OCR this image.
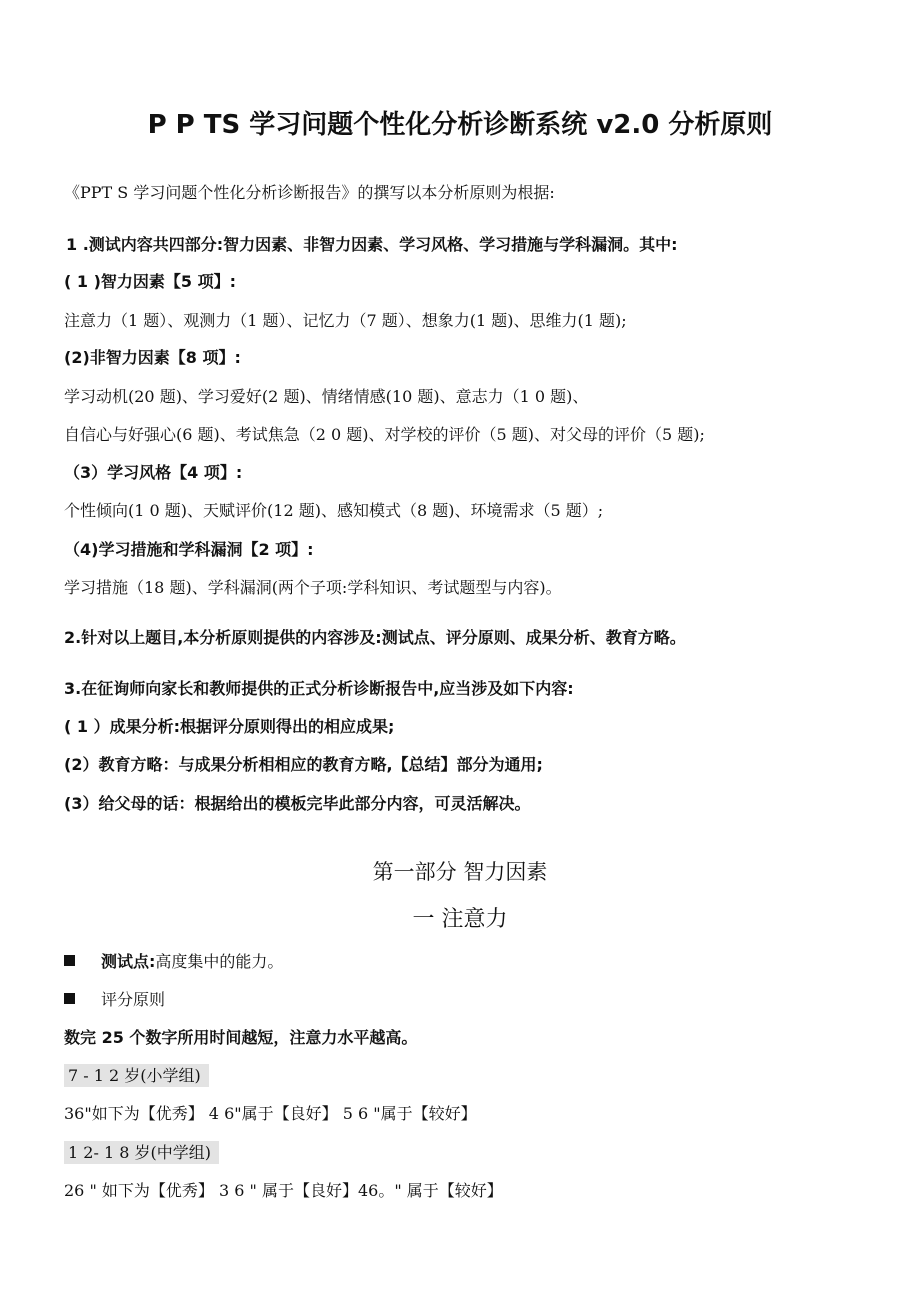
P P TS 学习问题个性化分析诊断系统 v2.0 分析原则
《PPT S 学习问题个性化分析诊断报告》的撰写以本分析原则为根据:
1 .测试内容共四部分:智力因素、非智力因素、学习风格、学习措施与学科漏洞。其中:
( 1 )智力因素【5 项】:
注意力（1 题）、观测力（1 题）、记忆力（7 题）、想象力(1 题)、思维力(1 题);
(2)非智力因素【8 项】:
学习动机(20 题)、学习爱好(2 题)、情绪情感(10 题)、意志力（1 0 题)、
自信心与好强心(6 题)、考试焦急（2 0 题)、对学校的评价（5 题)、对父母的评价（5 题);
（3）学习风格【4 项】:
个性倾向(1 0 题)、天赋评价(12 题)、感知模式（8 题)、环境需求（5 题）;
（4)学习措施和学科漏洞【2 项】:
学习措施（18 题)、学科漏洞(两个子项:学科知识、考试题型与内容)。
2.针对以上题目,本分析原则提供的内容涉及:测试点、评分原则、成果分析、教育方略。
3.在征询师向家长和教师提供的正式分析诊断报告中,应当涉及如下内容:
( 1 ）成果分析:根据评分原则得出的相应成果;
(2）教育方略：与成果分析相相应的教育方略,【总结】部分为通用;
(3）给父母的话：根据给出的模板完毕此部分内容，可灵活解决。
第一部分 智力因素
一 注意力
测试点:高度集中的能力。
评分原则
数完 25 个数字所用时间越短，注意力水平越高。
7 - 1 2 岁(小学组)
36"如下为【优秀】 4 6"属于【良好】 5 6 "属于【较好】
1 2- 1 8 岁(中学组)
26 " 如下为【优秀】 3 6 " 属于【良好】46。" 属于【较好】
